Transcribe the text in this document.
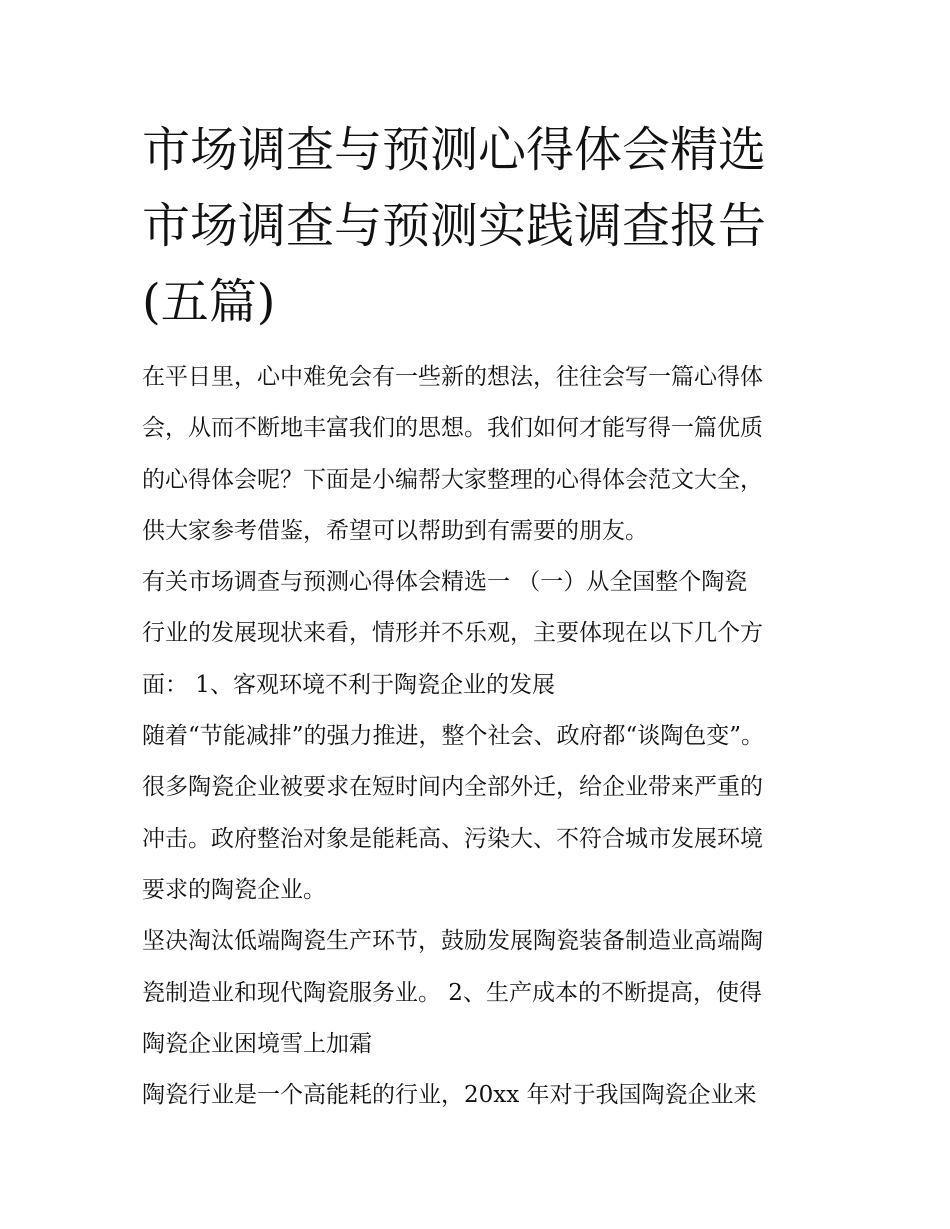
市场调查与预测心得体会精选
市场调查与预测实践调查报告
(五篇)

在平日里，心中难免会有一些新的想法，往往会写一篇心得体
会，从而不断地丰富我们的思想。我们如何才能写得一篇优质
的心得体会呢？下面是小编帮大家整理的心得体会范文大全，
供大家参考借鉴，希望可以帮助到有需要的朋友。

有关市场调查与预测心得体会精选一 （一）从全国整个陶瓷
行业的发展现状来看，情形并不乐观，主要体现在以下几个方
面： 1、客观环境不利于陶瓷企业的发展

随着“节能减排”的强力推进，整个社会、政府都“谈陶色变”。
很多陶瓷企业被要求在短时间内全部外迁，给企业带来严重的
冲击。政府整治对象是能耗高、污染大、不符合城市发展环境
要求的陶瓷企业。

坚决淘汰低端陶瓷生产环节，鼓励发展陶瓷装备制造业高端陶
瓷制造业和现代陶瓷服务业。 2、生产成本的不断提高，使得
陶瓷企业困境雪上加霜

陶瓷行业是一个高能耗的行业，20xx 年对于我国陶瓷企业来
